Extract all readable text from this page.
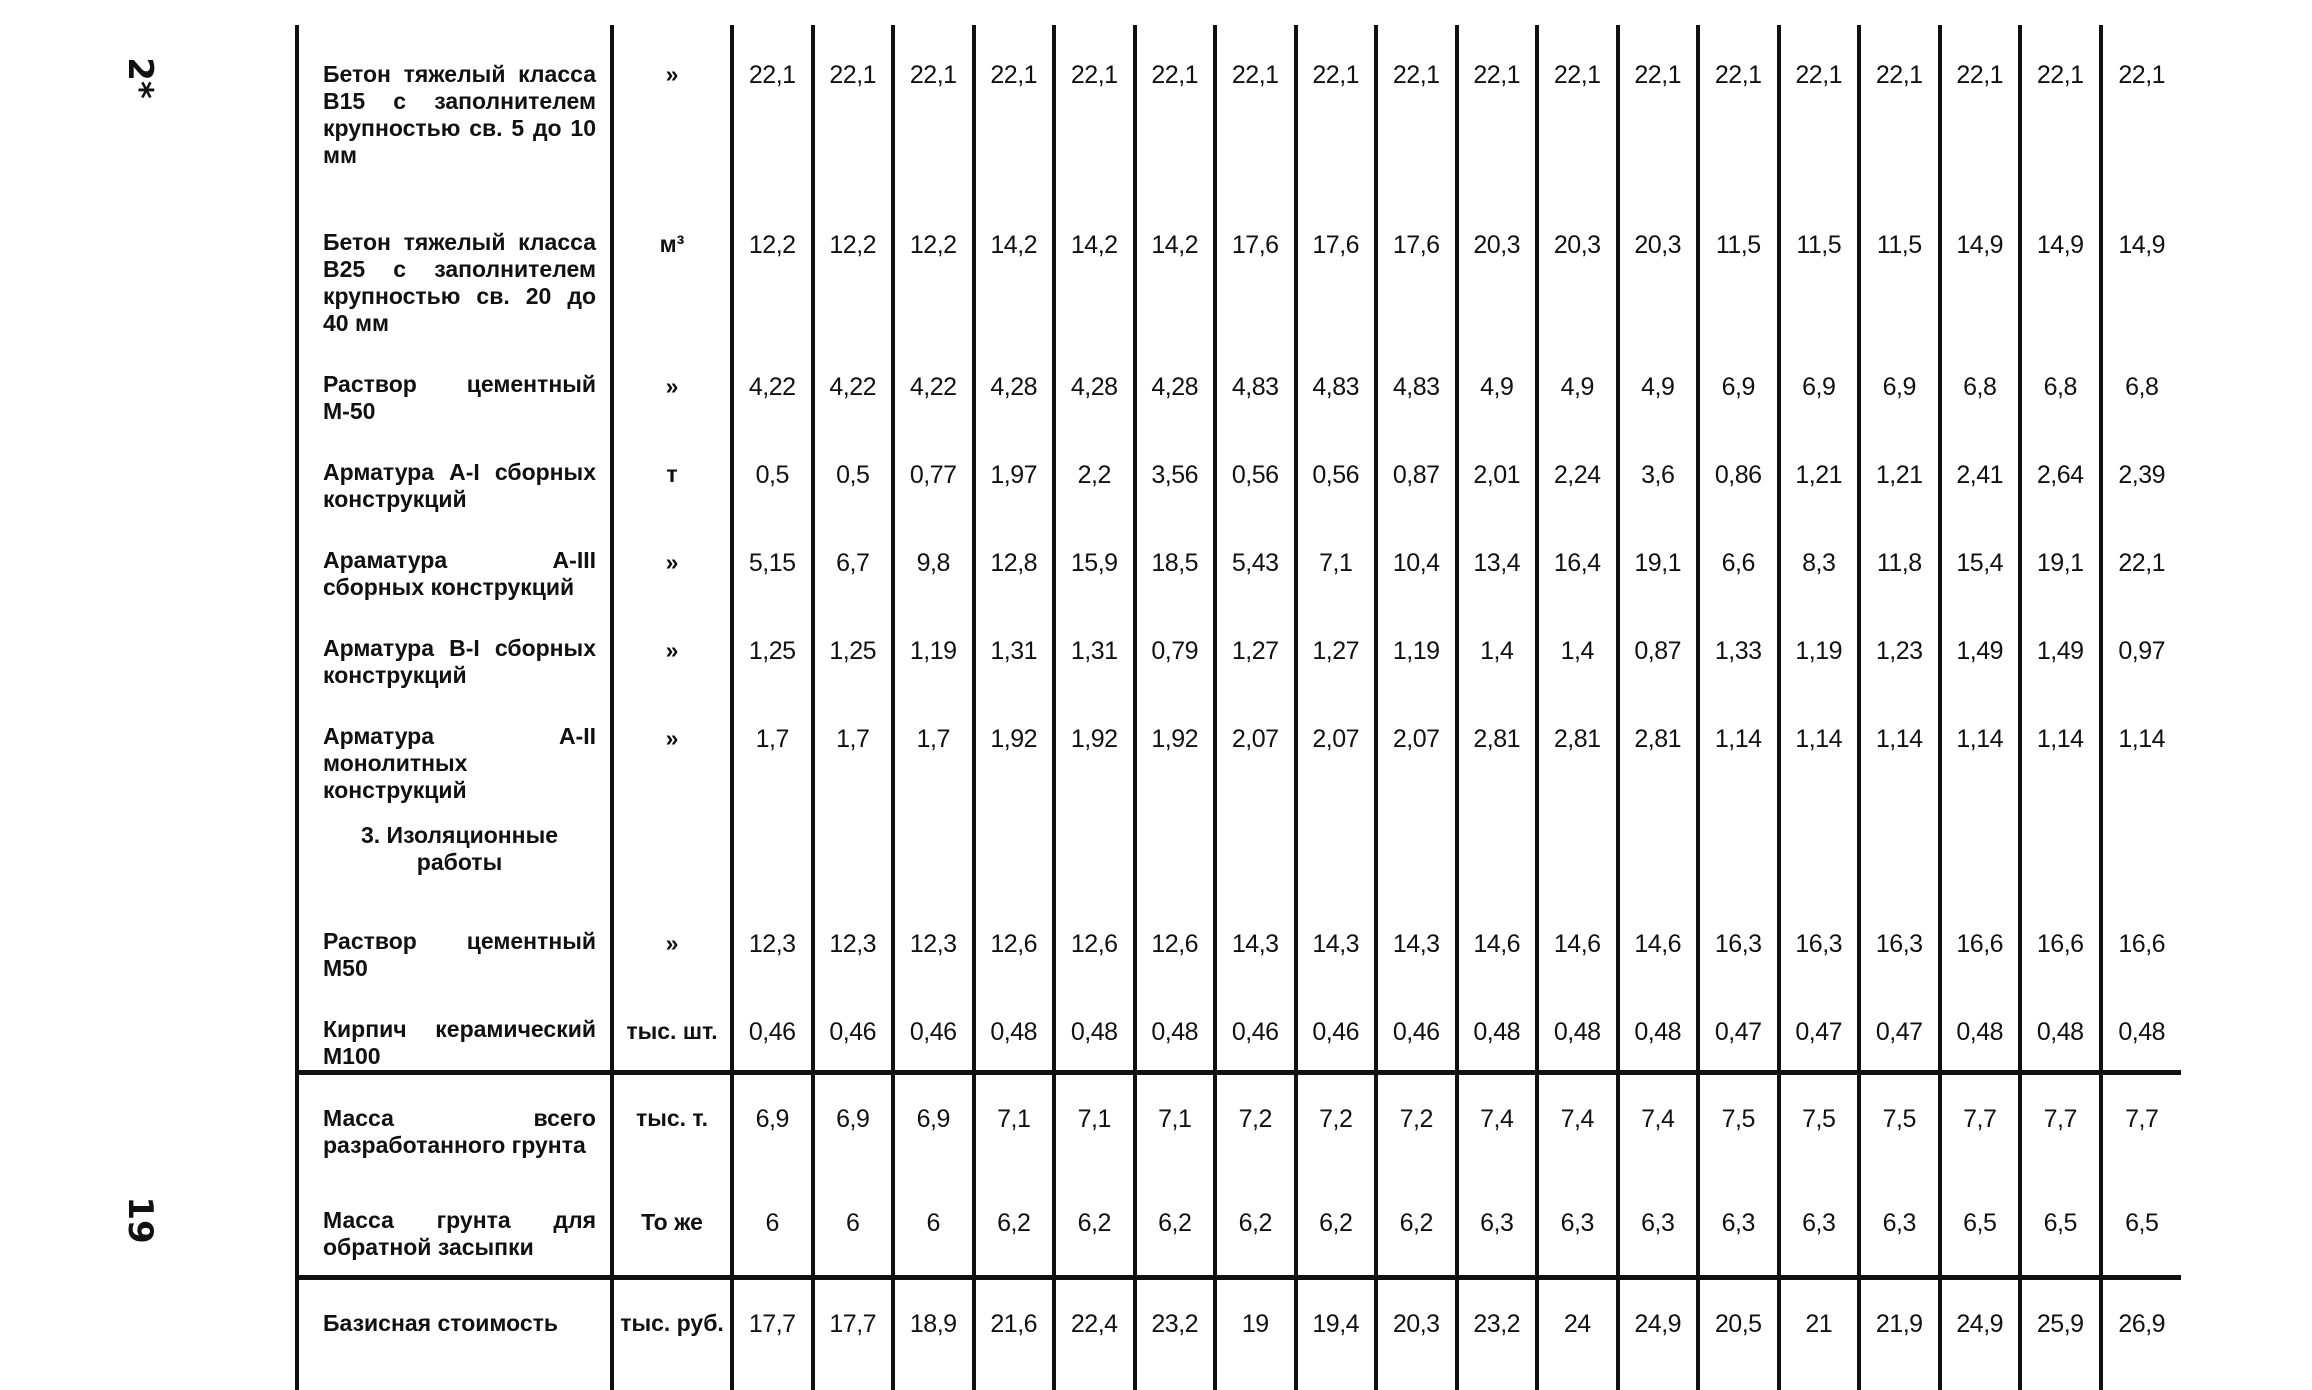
2*
19
Бетон тяжелый класса В15 с заполнителем крупностью св. 5 до 10 мм	»	22,1	22,1	22,1	22,1	22,1	22,1	22,1	22,1	22,1	22,1	22,1	22,1	22,1	22,1	22,1	22,1	22,1	22,1
Бетон тяжелый класса В25 с заполнителем крупностью св. 20 до 40 мм	м³	12,2	12,2	12,2	14,2	14,2	14,2	17,6	17,6	17,6	20,3	20,3	20,3	11,5	11,5	11,5	14,9	14,9	14,9
Раствор цементный М-50	»	4,22	4,22	4,22	4,28	4,28	4,28	4,83	4,83	4,83	4,9	4,9	4,9	6,9	6,9	6,9	6,8	6,8	6,8
Арматура А-I сборных конструкций	т	0,5	0,5	0,77	1,97	2,2	3,56	0,56	0,56	0,87	2,01	2,24	3,6	0,86	1,21	1,21	2,41	2,64	2,39
Араматура А-III сборных конструкций	»	5,15	6,7	9,8	12,8	15,9	18,5	5,43	7,1	10,4	13,4	16,4	19,1	6,6	8,3	11,8	15,4	19,1	22,1
Арматура В-I сборных конструкций	»	1,25	1,25	1,19	1,31	1,31	0,79	1,27	1,27	1,19	1,4	1,4	0,87	1,33	1,19	1,23	1,49	1,49	0,97
Арматура А-II монолитных конструкций	»	1,7	1,7	1,7	1,92	1,92	1,92	2,07	2,07	2,07	2,81	2,81	2,81	1,14	1,14	1,14	1,14	1,14	1,14
3. Изоляционные работы																			
Раствор цементный М50	»	12,3	12,3	12,3	12,6	12,6	12,6	14,3	14,3	14,3	14,6	14,6	14,6	16,3	16,3	16,3	16,6	16,6	16,6
Кирпич керамический М100	тыс. шт.	0,46	0,46	0,46	0,48	0,48	0,48	0,46	0,46	0,46	0,48	0,48	0,48	0,47	0,47	0,47	0,48	0,48	0,48
Масса всего разработанного грунта	тыс. т.	6,9	6,9	6,9	7,1	7,1	7,1	7,2	7,2	7,2	7,4	7,4	7,4	7,5	7,5	7,5	7,7	7,7	7,7
Масса грунта для обратной засыпки	То же	6	6	6	6,2	6,2	6,2	6,2	6,2	6,2	6,3	6,3	6,3	6,3	6,3	6,3	6,5	6,5	6,5
Базисная стоимость	тыс. руб.	17,7	17,7	18,9	21,6	22,4	23,2	19	19,4	20,3	23,2	24	24,9	20,5	21	21,9	24,9	25,9	26,9
